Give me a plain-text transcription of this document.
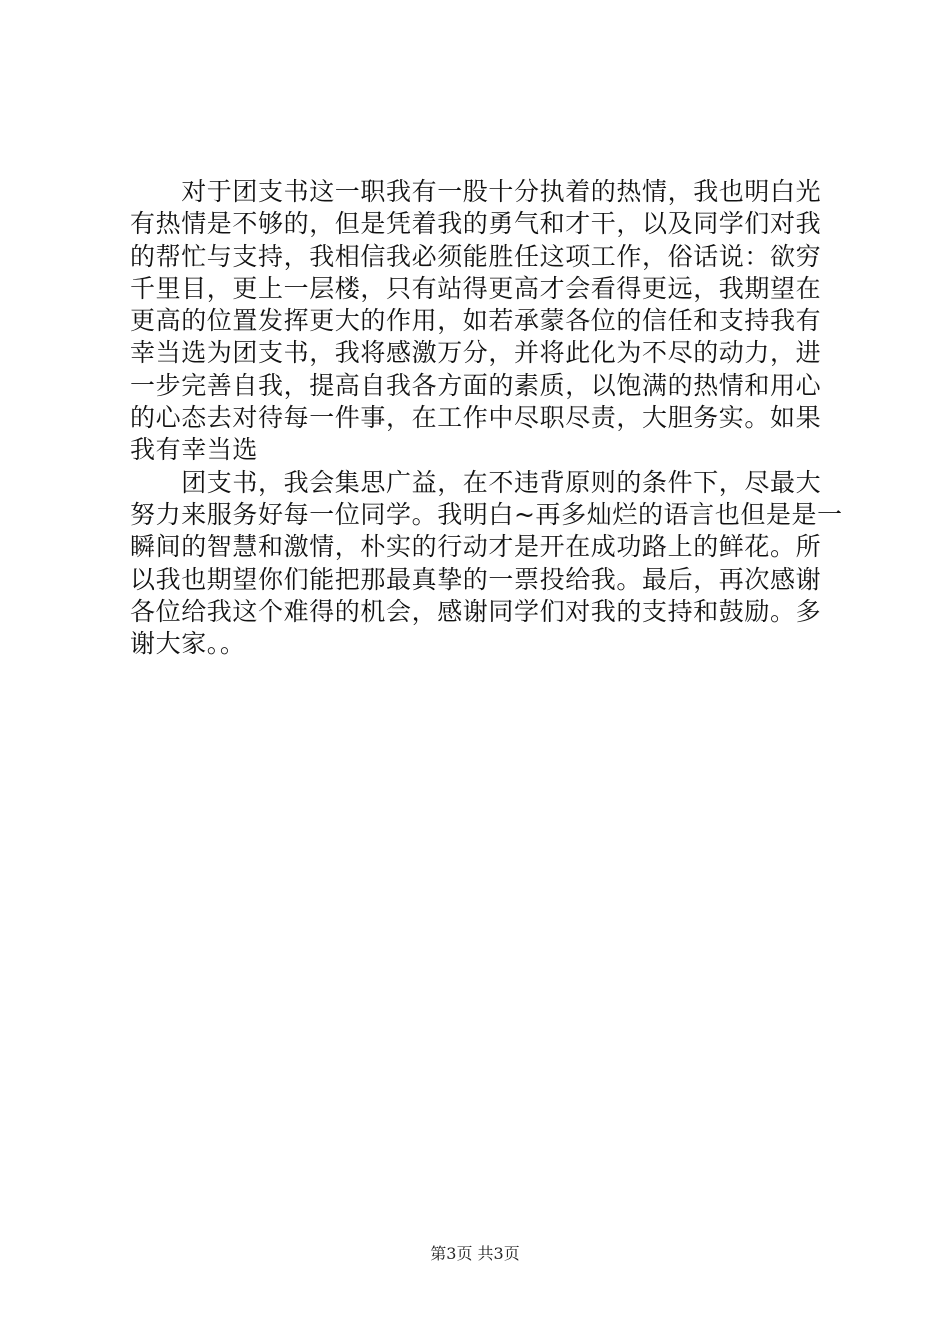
　　对于团支书这一职我有一股十分执着的热情，我也明白光
有热情是不够的，但是凭着我的勇气和才干，以及同学们对我
的帮忙与支持，我相信我必须能胜任这项工作，俗话说：欲穷
千里目，更上一层楼，只有站得更高才会看得更远，我期望在
更高的位置发挥更大的作用，如若承蒙各位的信任和支持我有
幸当选为团支书，我将感激万分，并将此化为不尽的动力，进
一步完善自我，提高自我各方面的素质，以饱满的热情和用心
的心态去对待每一件事，在工作中尽职尽责，大胆务实。如果
我有幸当选
　　团支书，我会集思广益，在不违背原则的条件下，尽最大
努力来服务好每一位同学。我明白~再多灿烂的语言也但是是一
瞬间的智慧和激情，朴实的行动才是开在成功路上的鲜花。所
以我也期望你们能把那最真挚的一票投给我。最后，再次感谢
各位给我这个难得的机会，感谢同学们对我的支持和鼓励。多
谢大家。。
第3页 共3页
